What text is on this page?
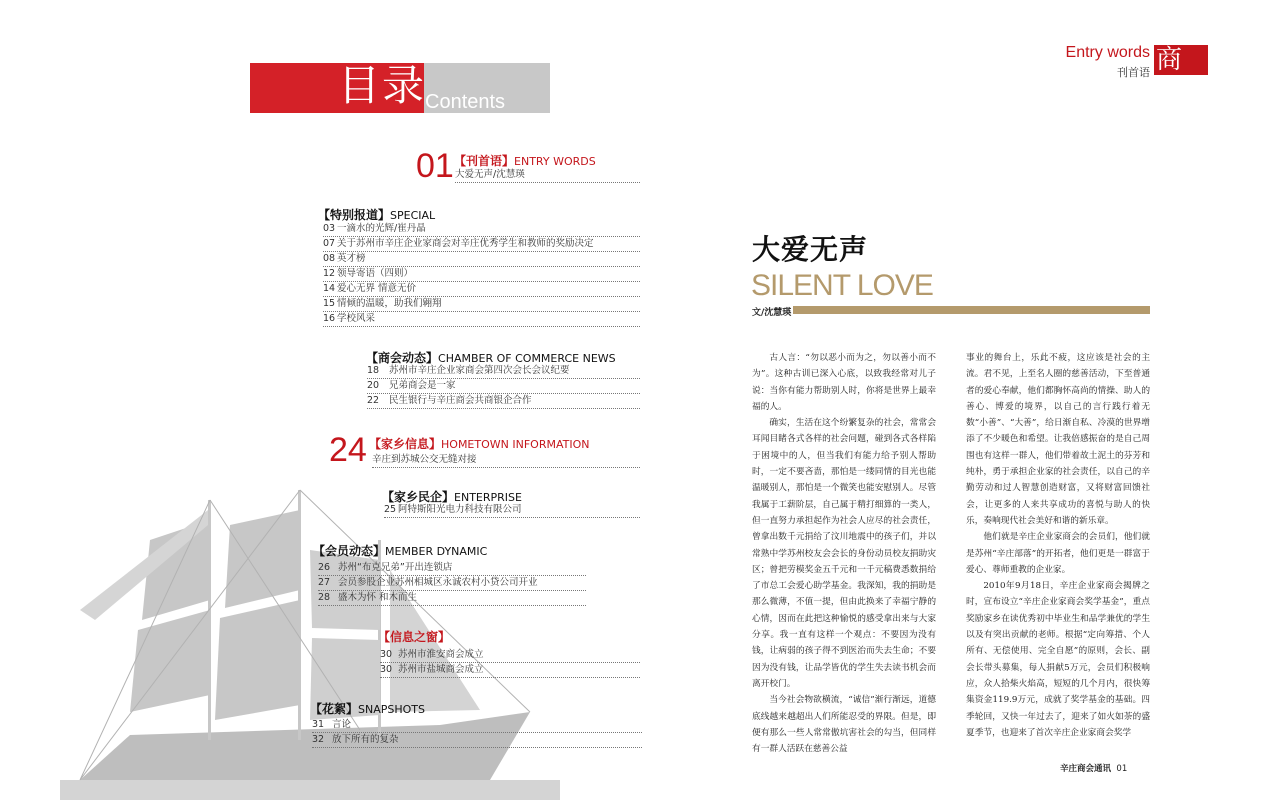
目录
Contents
Entry words
刊首语 商
01 【刊首语】ENTRY WORDS
大爱无声/沈慧瑛
【特别报道】SPECIAL
03 一滴水的光辉/崔丹晶
07 关于苏州市辛庄企业家商会对辛庄优秀学生和教师的奖励决定
08 英才榜
12 领导寄语（四则）
14 爱心无界 情意无价
15 情倾的温暖，助我们翱翔
16 学校风采
【商会动态】CHAMBER OF COMMERCE NEWS
18 苏州市辛庄企业家商会第四次会长会议纪要
20 兄弟商会是一家
22 民生银行与辛庄商会共商银企合作
24 【家乡信息】HOMETOWN INFORMATION
辛庄到苏城公交无缝对接
【家乡民企】ENTERPRISE
25 阿特斯阳光电力科技有限公司
【会员动态】MEMBER DYNAMIC
26 苏州“布克兄弟”开出连锁店
27 会员参股企业苏州相城区永诚农村小贷公司开业
28 盛木为怀 和木而生
【信息之窗】
30 苏州市淮安商会成立
30 苏州市盐城商会成立
【花絮】SNAPSHOTS
31 言论
32 放下所有的复杂
大爱无声
SILENT LOVE
文/沈慧瑛

古人言：“勿以恶小而为之，勿以善小而不为”。这种古训已深入心底，以致我经常对儿子说：当你有能力帮助别人时，你将是世界上最幸福的人。

确实，生活在这个纷繁复杂的社会，常常会耳闻目睹各式各样的社会问题，碰到各式各样陷于困境中的人，但当我们有能力给予别人帮助时，一定不要吝啬，那怕是一缕同情的目光也能温暖别人，那怕是一个微笑也能安慰别人。尽管我属于工薪阶层，自己属于精打细算的一类人，但一直努力承担起作为社会人应尽的社会责任，曾拿出数千元捐给了汶川地震中的孩子们，并以常熟中学苏州校友会会长的身份动员校友捐助灾区；曾把劳模奖金五千元和一千元稿费悉数捐给了市总工会爱心助学基金。我深知，我的捐助是那么微薄，不值一提，但由此换来了幸福宁静的心情，因而在此把这种愉悦的感受拿出来与大家分享。我一直有这样一个观点：不要因为没有钱，让病弱的孩子得不到医治而失去生命；不要因为没有钱，让品学皆优的学生失去读书机会而离开校门。

当今社会物欲横流，“诚信”渐行渐远，道德底线越来越超出人们所能忍受的界限。但是，即便有那么一些人常常傲坑害社会的勾当，但同样有一群人活跃在慈善公益

事业的舞台上，乐此不疲，这应该是社会的主流。君不见，上至名人圈的慈善活动，下至普通者的爱心奉献，他们都胸怀高尚的情操、助人的善心、博爱的境界，以自己的言行践行着无数“小善”、“大善”，给日渐自私、冷漠的世界增添了不少暖色和希望。让我倍感振奋的是自己周围也有这样一群人，他们带着故土泥土的芬芳和纯朴，勇于承担企业家的社会责任，以自己的辛勤劳动和过人智慧创造财富，又将财富回馈社会，让更多的人来共享成功的喜悦与助人的快乐，奏响现代社会美好和谐的新乐章。

他们就是辛庄企业家商会的会员们，他们就是苏州“辛庄部落”的开拓者，他们更是一群富于爱心、尊师重教的企业家。

2010年9月18日，辛庄企业家商会揭牌之时，宣布设立“辛庄企业家商会奖学基金”，重点奖励家乡在读优秀初中毕业生和品学兼优的学生以及有突出贡献的老师。根据“定向筹措、个人所有、无偿使用、完全自愿”的原则，会长、副会长带头募集，每人捐献5万元，会员们积极响应，众人拾柴火焰高，短短的几个月内，很快筹集资金119.9万元，成就了奖学基金的基础。四季轮回，又快一年过去了，迎来了如火如荼的盛夏季节，也迎来了首次辛庄企业家商会奖学

辛庄商会通讯 01
